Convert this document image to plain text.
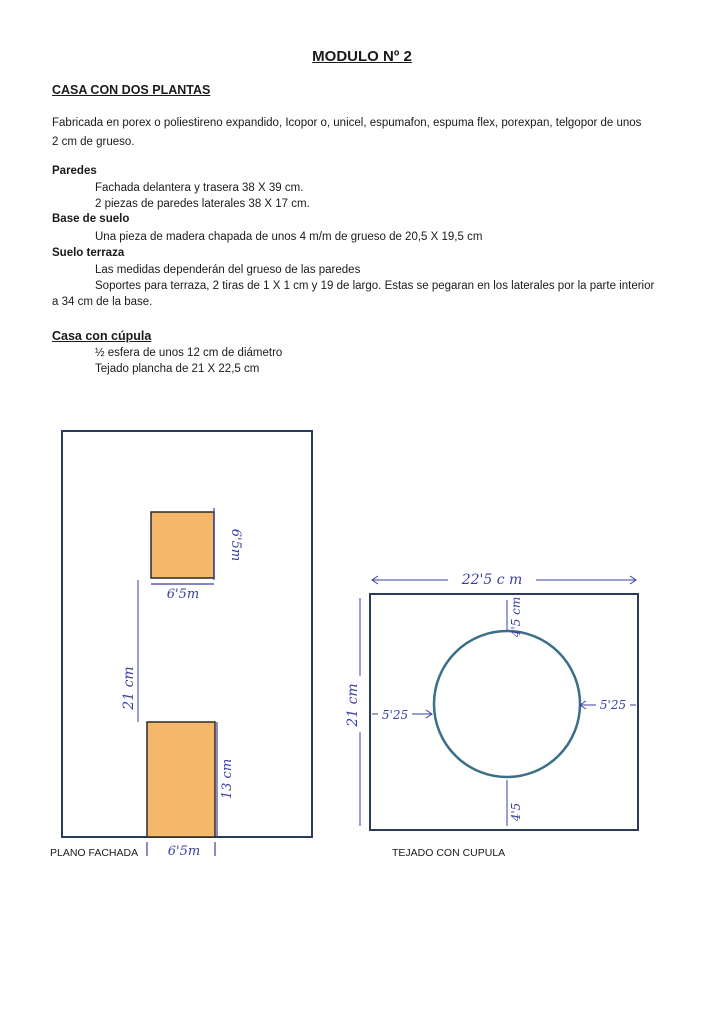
MODULO Nº 2
CASA CON DOS PLANTAS
Fabricada en porex o poliestireno expandido, Icopor o, unicel, espumafon, espuma flex, porexpan, telgopor de unos
2 cm de grueso.
Paredes
Fachada delantera y trasera 38 X 39 cm.
2 piezas de paredes laterales 38 X 17 cm.
Base de suelo
Una pieza de madera chapada de unos 4 m/m de grueso de 20,5 X 19,5 cm
Suelo terraza
Las medidas dependerán del grueso de las paredes
Soportes para terraza, 2 tiras de 1 X 1 cm y 19 de largo. Estas se pegaran en los laterales por la parte interior
a 34 cm de la base.
Casa con cúpula
½ esfera de unos 12 cm de diámetro
Tejado plancha de 21 X 22,5 cm
6'5m
6'5m
21 cm
13 cm
6'5m
PLANO FACHADA
22'5 c m
21 cm
4'5 cm
4'5
5'25
5'25
TEJADO CON CUPULA
